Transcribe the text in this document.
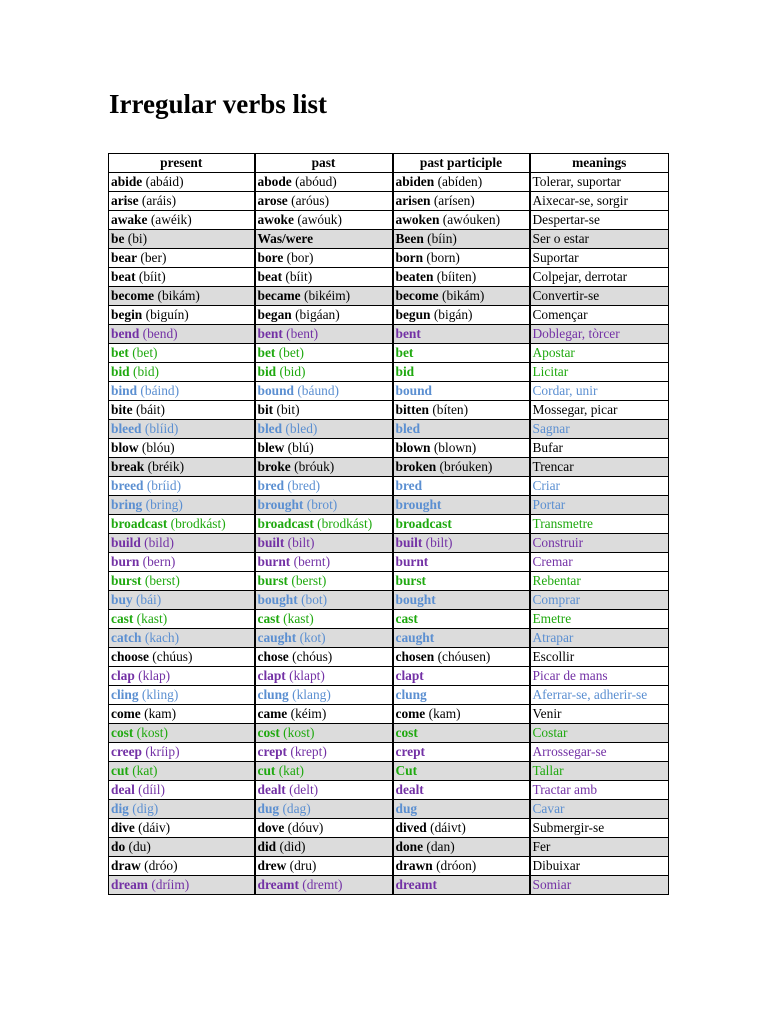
Irregular verbs list
present	past	past participle	meanings
abide (abáid)	abode (abóud)	abiden (abíden)	Tolerar, suportar
arise (aráis)	arose (aróus)	arisen (arísen)	Aixecar-se, sorgir
awake (awéik)	awoke (awóuk)	awoken (awóuken)	Despertar-se
be (bi)	Was/were	Been (bíin)	Ser o estar
bear (ber)	bore (bor)	born (born)	Suportar
beat (bíit)	beat (bíit)	beaten (bíiten)	Colpejar, derrotar
become (bikám)	became (bikéim)	become (bikám)	Convertir-se
begin (biguín)	began (bigáan)	begun (bigán)	Començar
bend (bend)	bent (bent)	bent	Doblegar, tòrcer
bet (bet)	bet (bet)	bet	Apostar
bid (bid)	bid (bid)	bid	Licitar
bind (báind)	bound (báund)	bound	Cordar, unir
bite (báit)	bit (bit)	bitten (bíten)	Mossegar, picar
bleed (blíid)	bled (bled)	bled	Sagnar
blow (blóu)	blew (blú)	blown (blown)	Bufar
break (bréik)	broke (bróuk)	broken (bróuken)	Trencar
breed (bríid)	bred (bred)	bred	Criar
bring (bring)	brought (brot)	brought	Portar
broadcast (brodkást)	broadcast (brodkást)	broadcast	Transmetre
build (bild)	built (bilt)	built (bilt)	Construir
burn (bern)	burnt (bernt)	burnt	Cremar
burst (berst)	burst (berst)	burst	Rebentar
buy (bái)	bought (bot)	bought	Comprar
cast (kast)	cast (kast)	cast	Emetre
catch (kach)	caught (kot)	caught	Atrapar
choose (chúus)	chose (chóus)	chosen (chóusen)	Escollir
clap (klap)	clapt (klapt)	clapt	Picar de mans
cling (kling)	clung (klang)	clung	Aferrar-se, adherir-se
come (kam)	came (kéim)	come (kam)	Venir
cost (kost)	cost (kost)	cost	Costar
creep (kríip)	crept (krept)	crept	Arrossegar-se
cut (kat)	cut (kat)	Cut	Tallar
deal (díil)	dealt (delt)	dealt	Tractar amb
dig (dig)	dug (dag)	dug	Cavar
dive (dáiv)	dove (dóuv)	dived (dáivt)	Submergir-se
do (du)	did (did)	done (dan)	Fer
draw (dróo)	drew (dru)	drawn (dróon)	Dibuixar
dream (dríim)	dreamt (dremt)	dreamt	Somiar
